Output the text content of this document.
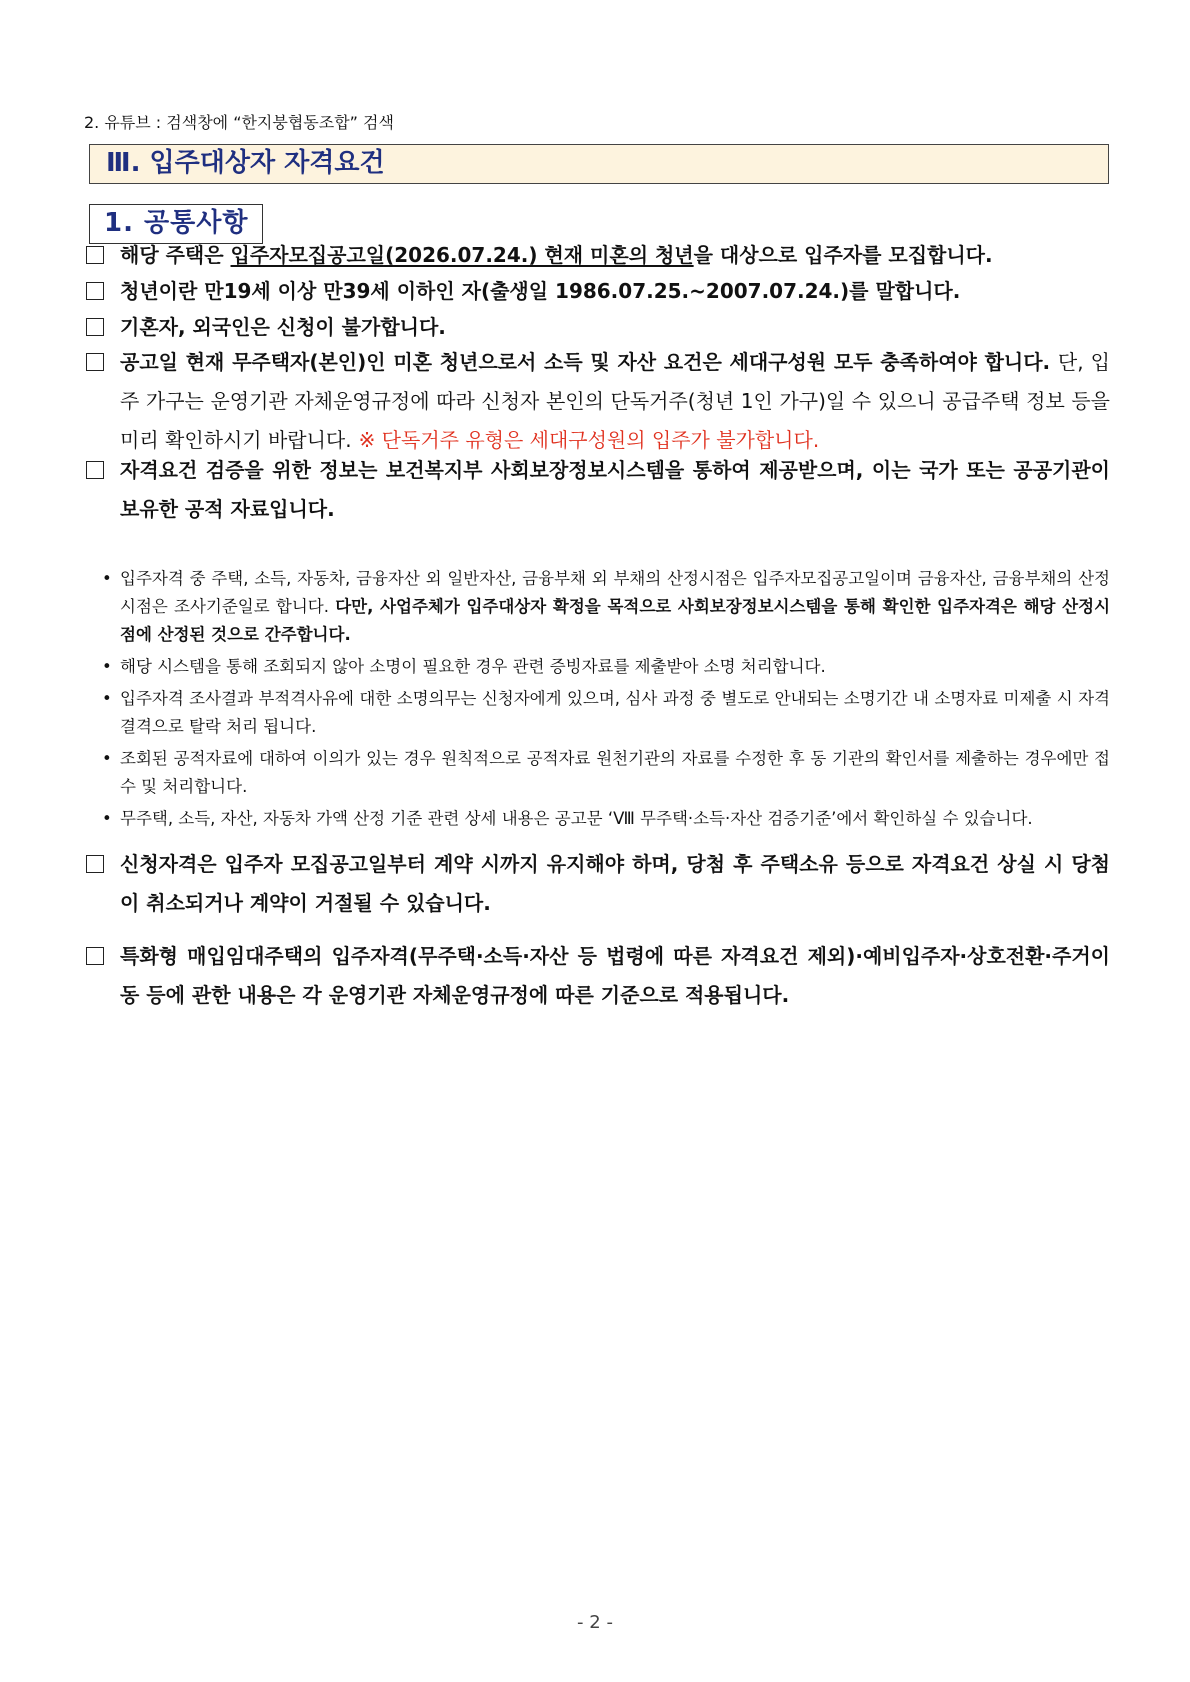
2. 유튜브 : 검색창에 “한지붕협동조합” 검색
Ⅲ. 입주대상자 자격요건
1. 공통사항
해당 주택은 입주자모집공고일(2026.07.24.) 현재 미혼의 청년을 대상으로 입주자를 모집합니다.
청년이란 만19세 이상 만39세 이하인 자(출생일 1986.07.25.~2007.07.24.)를 말합니다.
기혼자, 외국인은 신청이 불가합니다.
공고일 현재 무주택자(본인)인 미혼 청년으로서 소득 및 자산 요건은 세대구성원 모두 충족하여야 합니다. 단, 입주 가구는 운영기관 자체운영규정에 따라 신청자 본인의 단독거주(청년 1인 가구)일 수 있으니 공급주택 정보 등을 미리 확인하시기 바랍니다. ※ 단독거주 유형은 세대구성원의 입주가 불가합니다.
자격요건 검증을 위한 정보는 보건복지부 사회보장정보시스템을 통하여 제공받으며, 이는 국가 또는 공공기관이 보유한 공적 자료입니다.
• 입주자격 중 주택, 소득, 자동차, 금융자산 외 일반자산, 금융부채 외 부채의 산정시점은 입주자모집공고일이며 금융자산, 금융부채의 산정시점은 조사기준일로 합니다. 다만, 사업주체가 입주대상자 확정을 목적으로 사회보장정보시스템을 통해 확인한 입주자격은 해당 산정시점에 산정된 것으로 간주합니다.
• 해당 시스템을 통해 조회되지 않아 소명이 필요한 경우 관련 증빙자료를 제출받아 소명 처리합니다.
• 입주자격 조사결과 부적격사유에 대한 소명의무는 신청자에게 있으며, 심사 과정 중 별도로 안내되는 소명기간 내 소명자료 미제출 시 자격결격으로 탈락 처리 됩니다.
• 조회된 공적자료에 대하여 이의가 있는 경우 원칙적으로 공적자료 원천기관의 자료를 수정한 후 동 기관의 확인서를 제출하는 경우에만 접수 및 처리합니다.
• 무주택, 소득, 자산, 자동차 가액 산정 기준 관련 상세 내용은 공고문 ‘Ⅷ 무주택·소득·자산 검증기준’에서 확인하실 수 있습니다.
신청자격은 입주자 모집공고일부터 계약 시까지 유지해야 하며, 당첨 후 주택소유 등으로 자격요건 상실 시 당첨이 취소되거나 계약이 거절될 수 있습니다.
특화형 매입임대주택의 입주자격(무주택·소득·자산 등 법령에 따른 자격요건 제외)·예비입주자·상호전환·주거이동 등에 관한 내용은 각 운영기관 자체운영규정에 따른 기준으로 적용됩니다.
- 2 -
